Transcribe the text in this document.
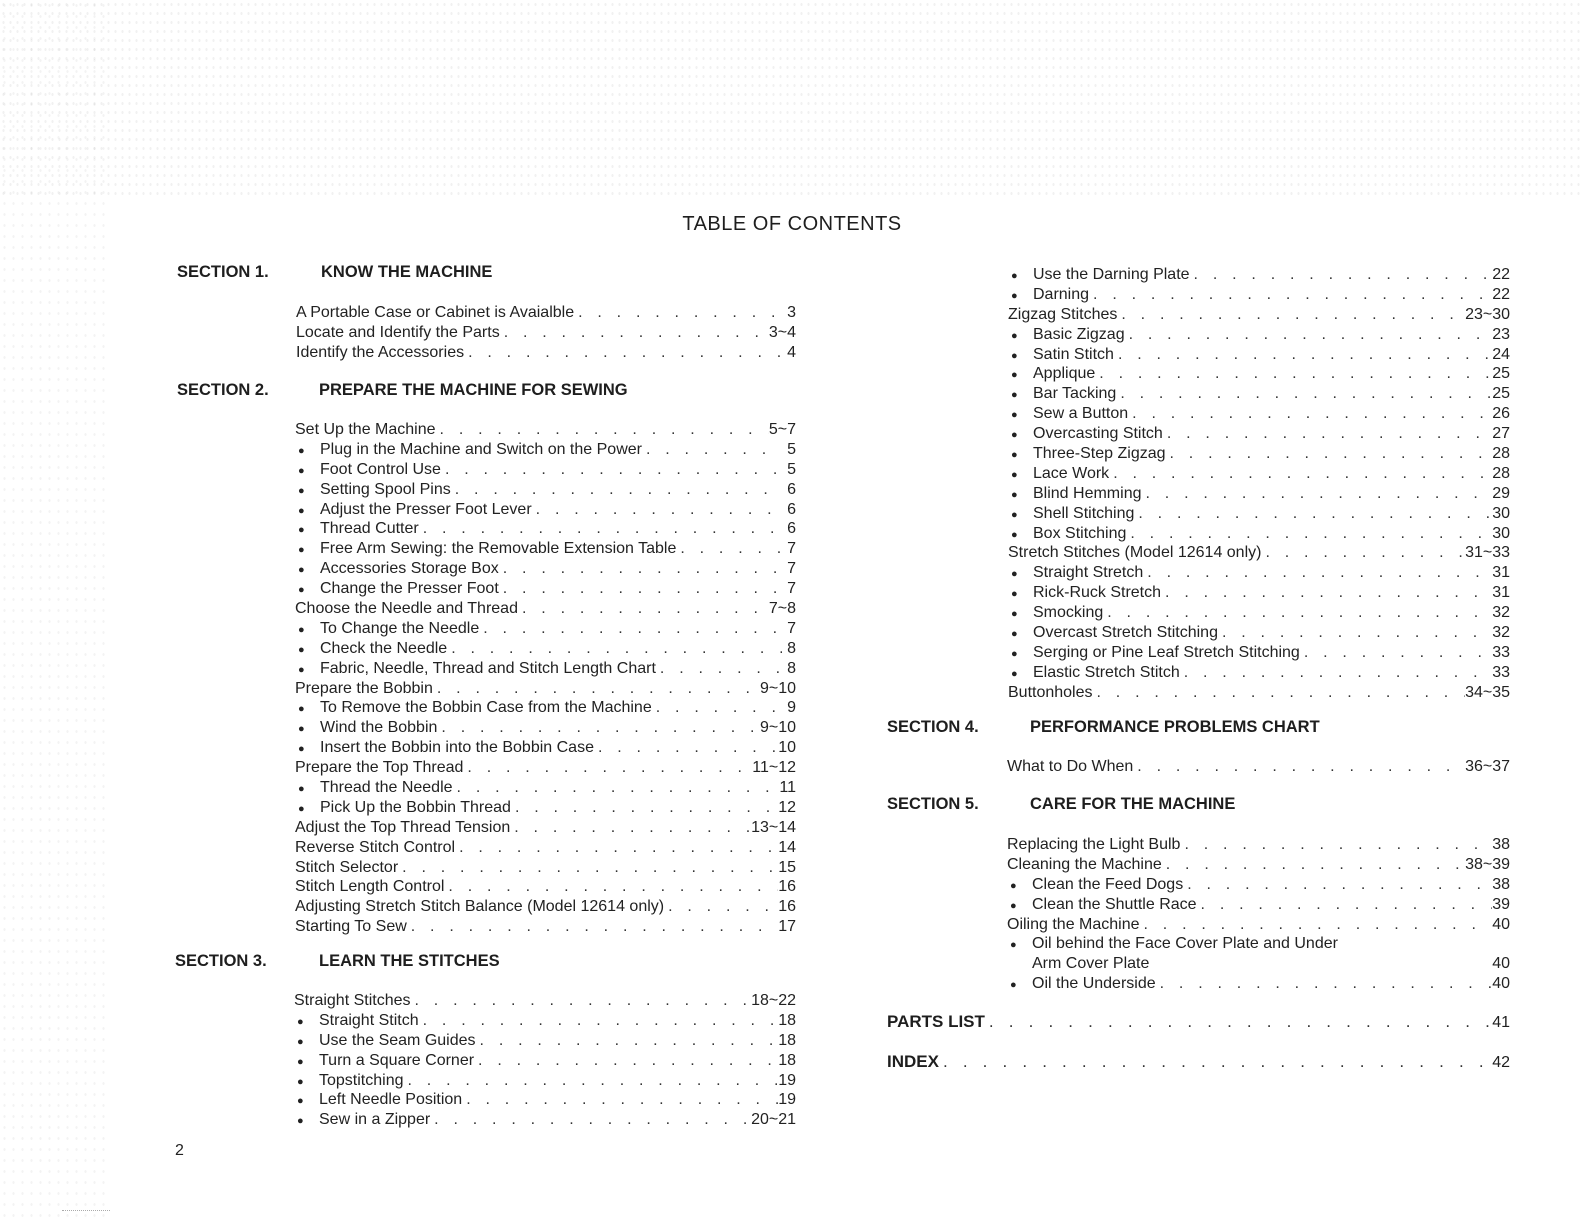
TABLE OF CONTENTS
SECTION 1.	KNOW THE MACHINE
A Portable Case or Cabinet is Avaialble . . .	3
Locate and Identify the Parts . . .	3~4
Identify the Accessories . . .	4
SECTION 2.	PREPARE THE MACHINE FOR SEWING
Set Up the Machine . . .	5~7
● Plug in the Machine and Switch on the Power . . .	5
● Foot Control Use . . .	5
● Setting Spool Pins . . .	6
● Adjust the Presser Foot Lever . . .	6
● Thread Cutter . . .	6
● Free Arm Sewing: the Removable Extension Table . . .	7
● Accessories Storage Box . . .	7
● Change the Presser Foot . . .	7
Choose the Needle and Thread . . .	7~8
● To Change the Needle . . .	7
● Check the Needle . . .	8
● Fabric, Needle, Thread and Stitch Length Chart . . .	8
Prepare the Bobbin . . .	9~10
● To Remove the Bobbin Case from the Machine . . .	9
● Wind the Bobbin . . .	9~10
● Insert the Bobbin into the Bobbin Case . . .	10
Prepare the Top Thread . . .	11~12
● Thread the Needle . . .	11
● Pick Up the Bobbin Thread . . .	12
Adjust the Top Thread Tension . . .	13~14
Reverse Stitch Control . . .	14
Stitch Selector . . .	15
Stitch Length Control . . .	16
Adjusting Stretch Stitch Balance (Model 12614 only) . . .	16
Starting To Sew . . .	17
SECTION 3.	LEARN THE STITCHES
Straight Stitches . . .	18~22
● Straight Stitch . . .	18
● Use the Seam Guides . . .	18
● Turn a Square Corner . . .	18
● Topstitching . . .	19
● Left Needle Position . . .	19
● Sew in a Zipper . . .	20~21
● Use the Darning Plate . . .	22
● Darning . . .	22
Zigzag Stitches . . .	23~30
● Basic Zigzag . . .	23
● Satin Stitch . . .	24
● Applique . . .	25
● Bar Tacking . . .	25
● Sew a Button . . .	26
● Overcasting Stitch . . .	27
● Three-Step Zigzag . . .	28
● Lace Work . . .	28
● Blind Hemming . . .	29
● Shell Stitching . . .	30
● Box Stitching . . .	30
Stretch Stitches (Model 12614 only) . . .	31~33
● Straight Stretch . . .	31
● Rick-Ruck Stretch . . .	31
● Smocking . . .	32
● Overcast Stretch Stitching . . .	32
● Serging or Pine Leaf Stretch Stitching . . .	33
● Elastic Stretch Stitch . . .	33
Buttonholes . . .	34~35
SECTION 4.	PERFORMANCE PROBLEMS CHART
What to Do When . . .	36~37
SECTION 5.	CARE FOR THE MACHINE
Replacing the Light Bulb . . .	38
Cleaning the Machine . . .	38~39
● Clean the Feed Dogs . . .	38
● Clean the Shuttle Race . . .	39
Oiling the Machine . . .	40
● Oil behind the Face Cover Plate and Under
Arm Cover Plate	40
● Oil the Underside . . .	40
PARTS LIST . . .	41
INDEX . . .	42
2
